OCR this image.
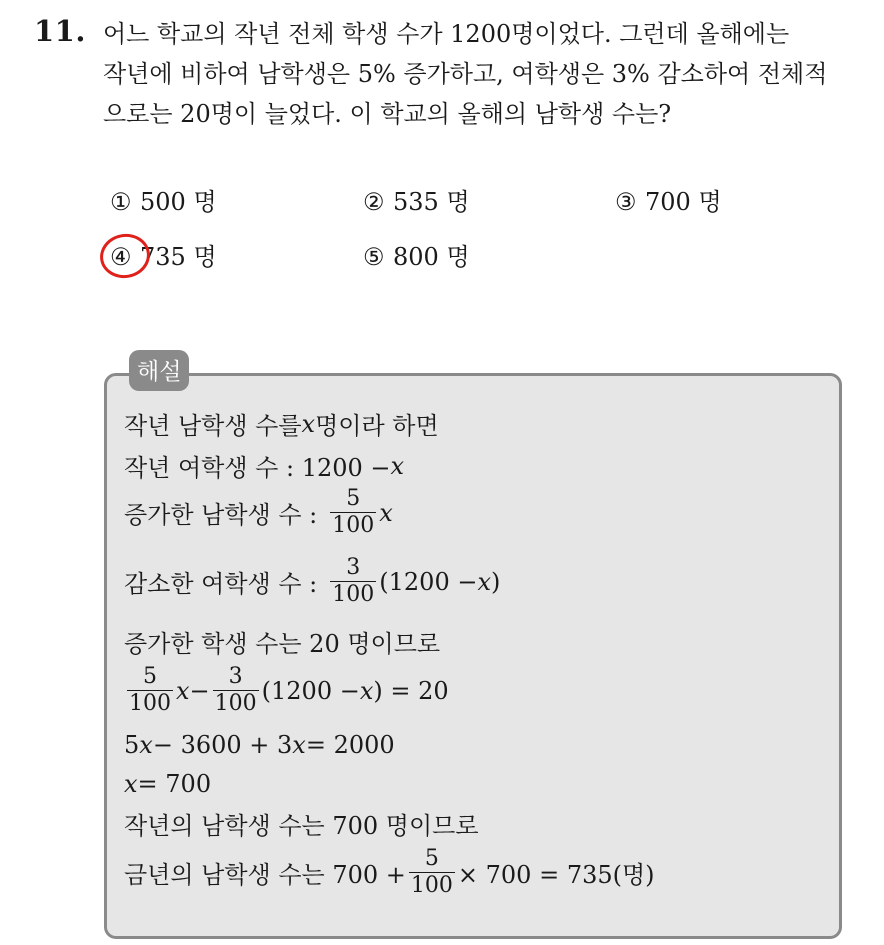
11. 어느 학교의 작년 전체 학생 수가 1200명이었다. 그런데 올해에는
작년에 비하여 남학생은 5% 증가하고, 여학생은 3% 감소하여 전체적
으로는 20명이 늘었다. 이 학교의 올해의 남학생 수는?
① 500 명	② 535 명	③ 700 명
④ 735 명	⑤ 800 명
해설
작년 남학생 수를 x 명이라 하면
작년 여학생 수 : 1200 − x
증가한 남학생 수 : $\frac{5}{100}$ x
감소한 여학생 수 : $\frac{3}{100} (1200 - x$ )
증가한 학생 수는 20 명이므로
$\frac{5}{100}$ $x - \frac{3}{100} (1200 - x$ ) = 20
5 x − 3600 + 3 x = 2000
x = 700
작년의 남학생 수는 700 명이므로
금년의 남학생 수는 $700 + \frac{5}{100} \times 700 = 735$(명)
